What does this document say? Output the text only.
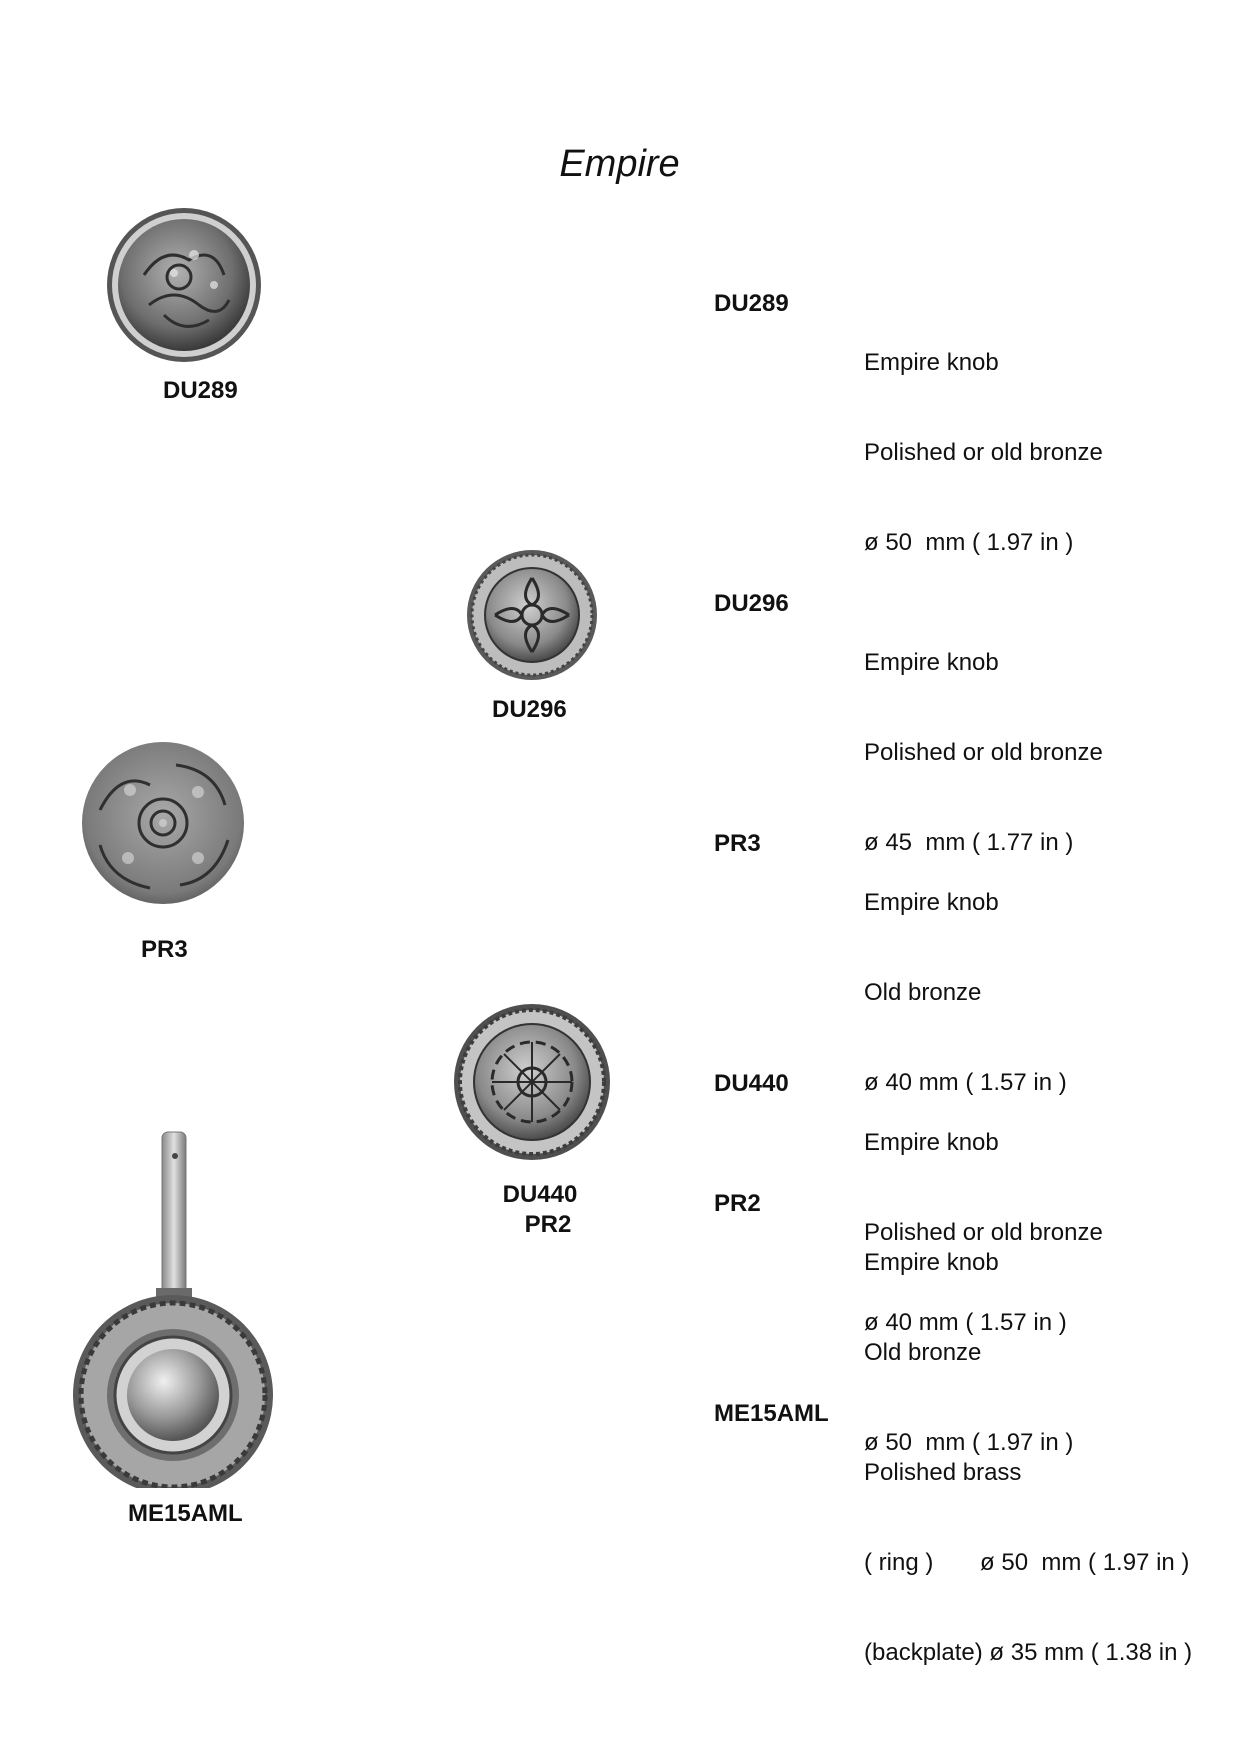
Empire
DU289
DU296
PR3
DU440
PR2
ME15AML
DU289

Empire knob

Polished or old bronze

ø 50  mm ( 1.97 in )

DU296

Empire knob

Polished or old bronze

ø 45  mm ( 1.77 in )

PR3

Empire knob

Old bronze

ø 40 mm ( 1.57 in )

DU440

Empire knob

Polished or old bronze

ø 40 mm ( 1.57 in )

PR2

Empire knob

Old bronze

ø 50  mm ( 1.97 in )

ME15AML

Polished brass

( ring )       ø 50  mm ( 1.97 in )

(backplate) ø 35 mm ( 1.38 in )
